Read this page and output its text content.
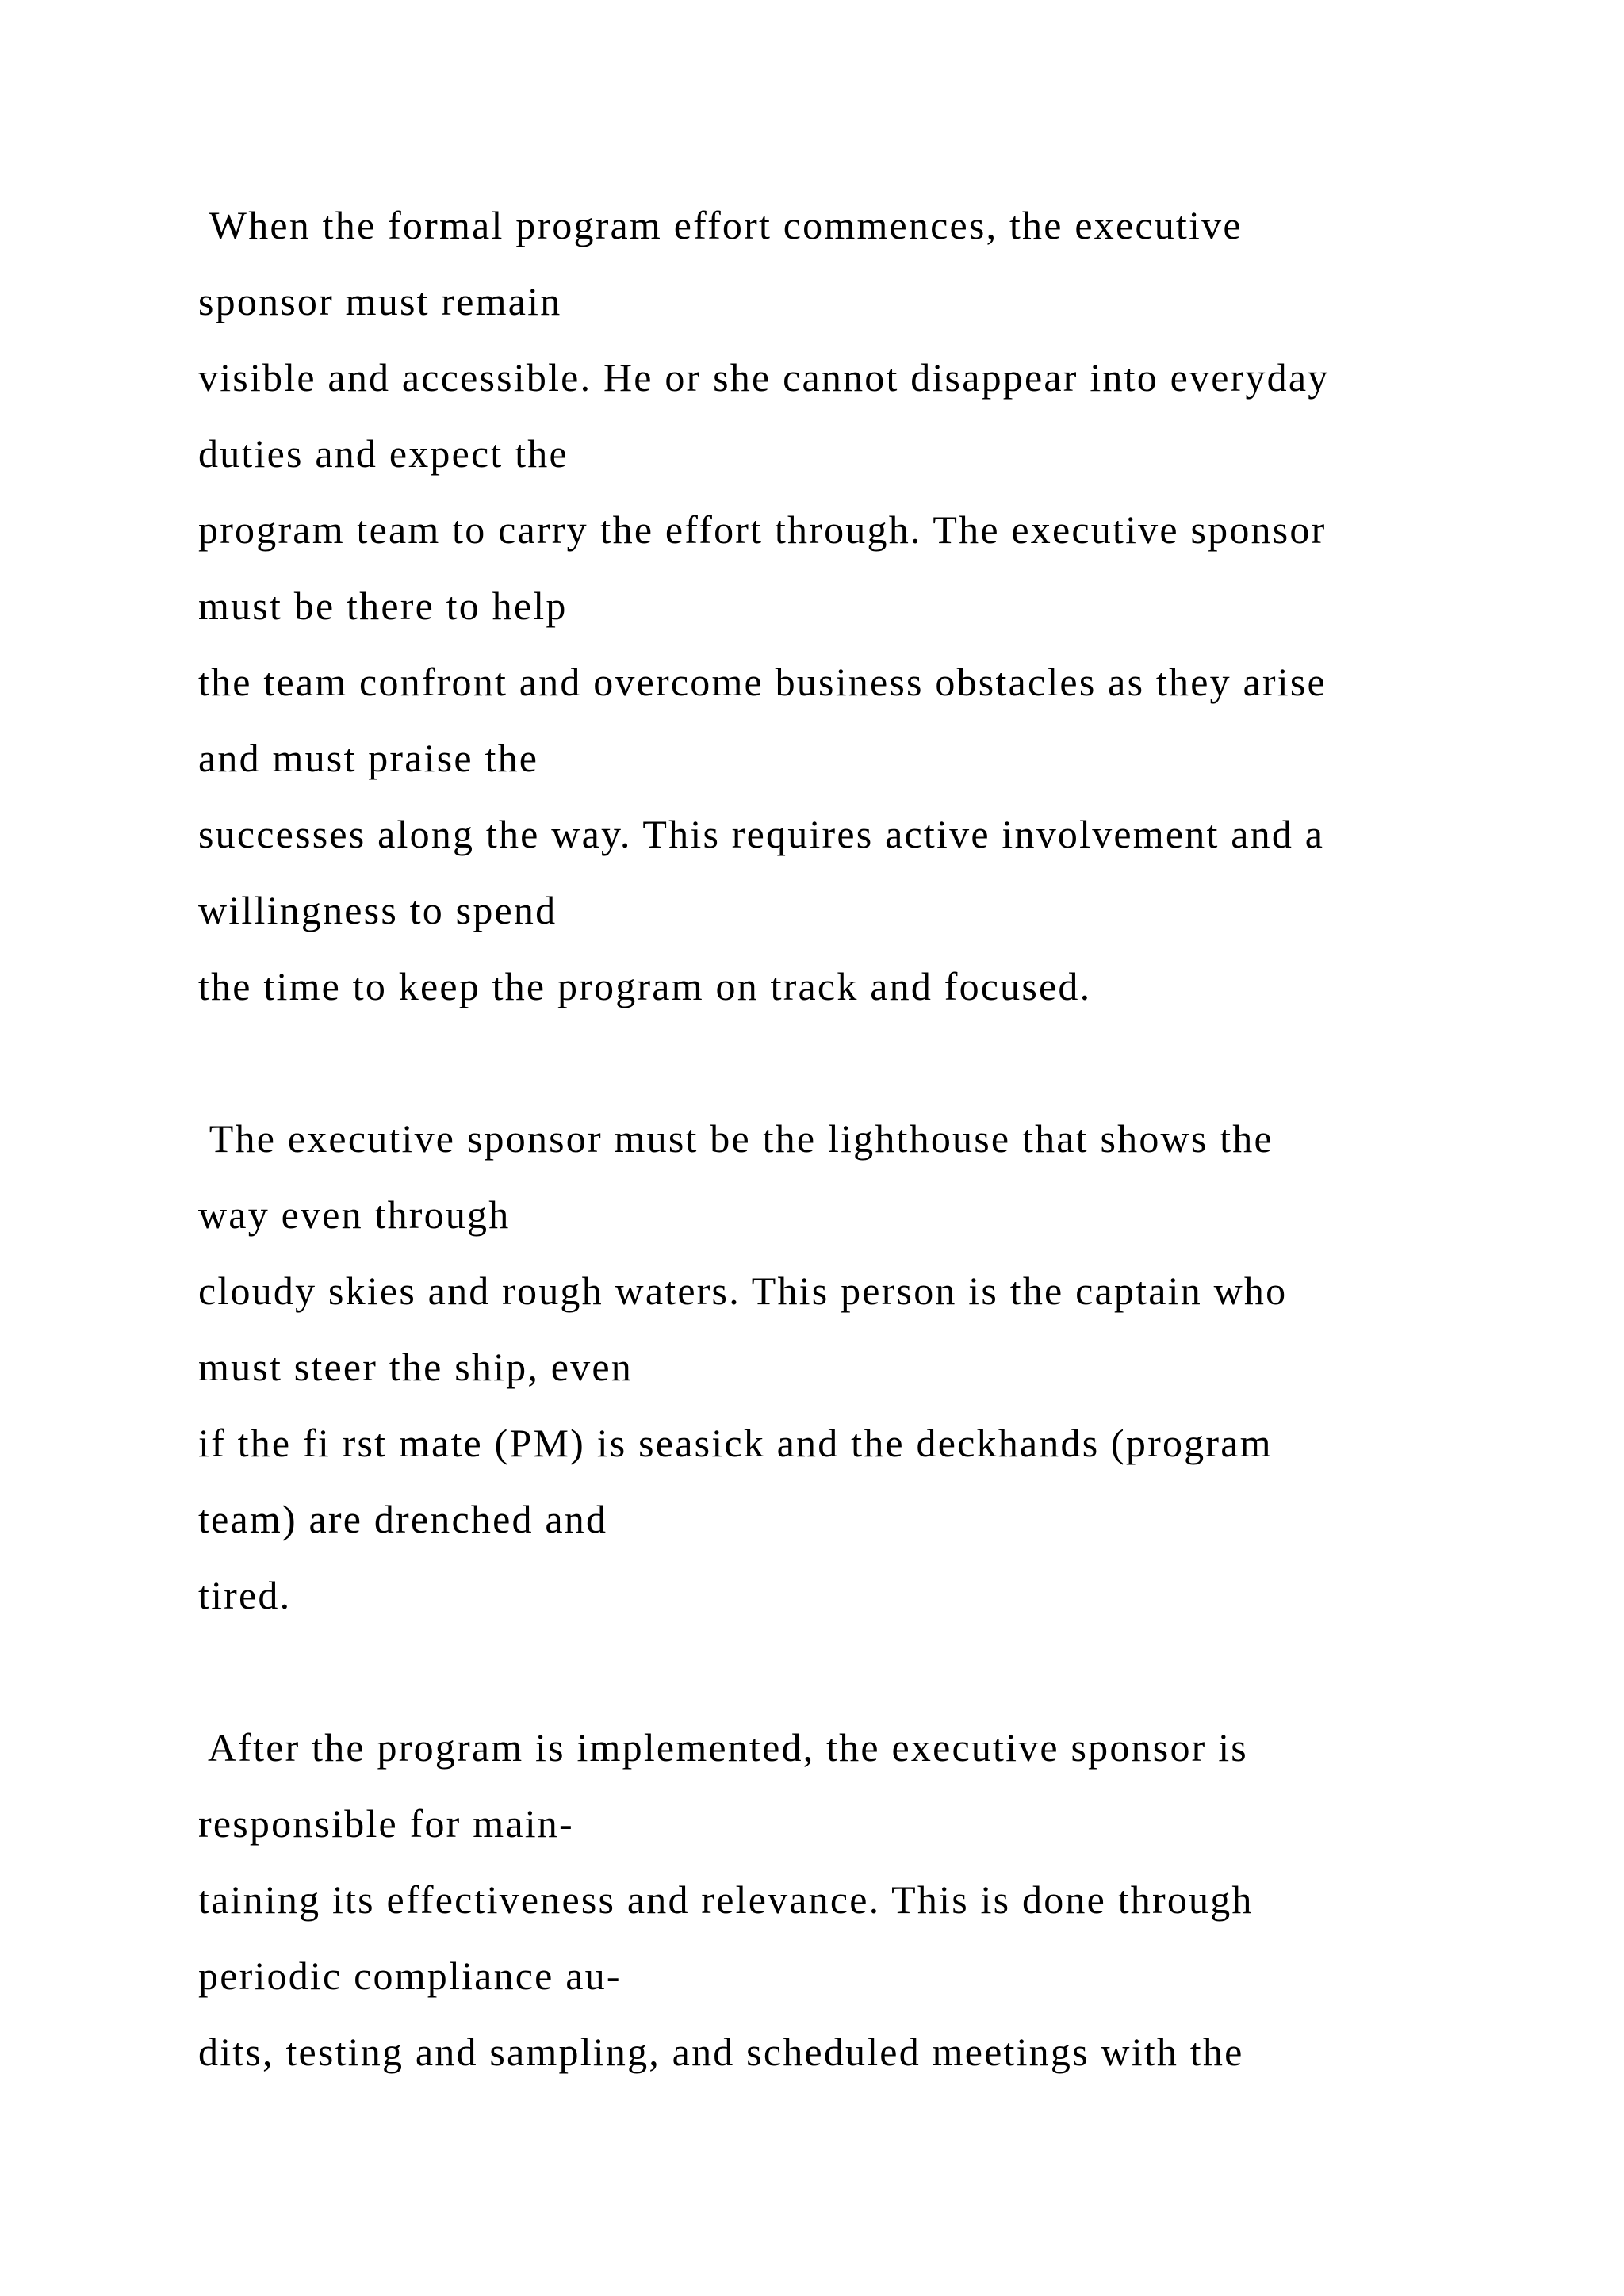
When the formal program effort commences, the executive
sponsor must remain
visible and accessible. He or she cannot disappear into everyday
duties and expect the
program team to carry the effort through. The executive sponsor
must be there to help
the team confront and overcome business obstacles as they arise
and must praise the
successes along the way. This requires active involvement and a
willingness to spend
the time to keep the program on track and focused.
The executive sponsor must be the lighthouse that shows the
way even through
cloudy skies and rough waters. This person is the captain who
must steer the ship, even
if the fi rst mate (PM) is seasick and the deckhands (program
team) are drenched and
tired.
After the program is implemented, the executive sponsor is
responsible for main-
taining its effectiveness and relevance. This is done through
periodic compliance au-
dits, testing and sampling, and scheduled meetings with the
